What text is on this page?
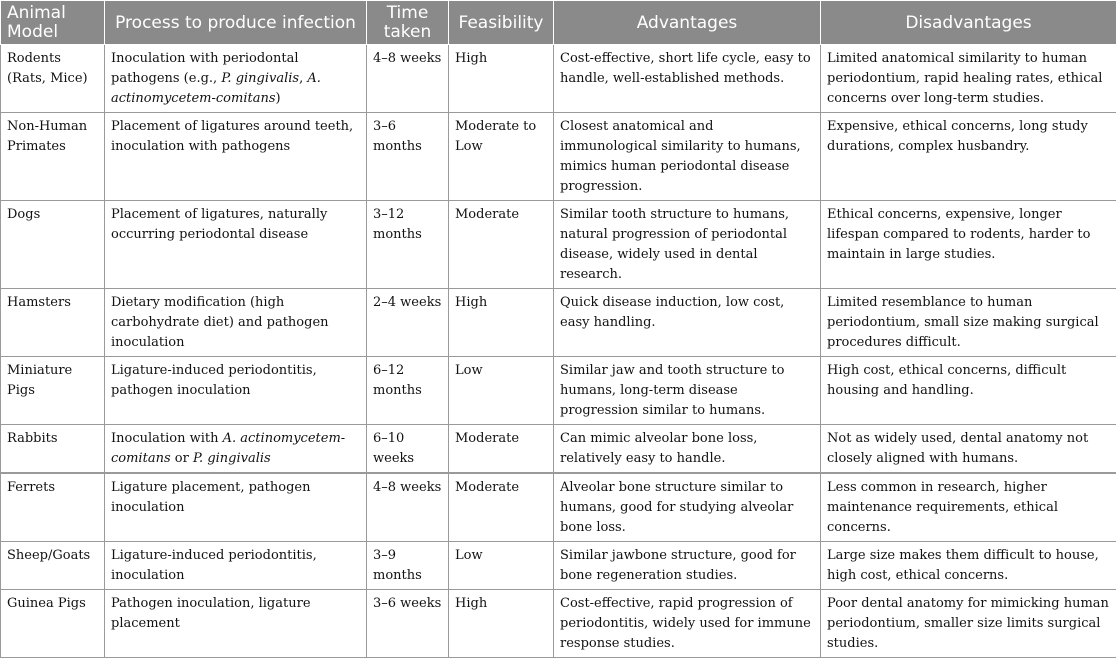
Animal Model	Process to produce infection	Time taken	Feasibility	Advantages	Disadvantages
Rodents (Rats, Mice)	Inoculation with periodontal pathogens (e.g., P. gingivalis, A. actinomycetem-comitans)	4–8 weeks	High	Cost-effective, short life cycle, easy to handle, well-established methods.	Limited anatomical similarity to human periodontium, rapid healing rates, ethical concerns over long-term studies.
Non-Human Primates	Placement of ligatures around teeth, inoculation with pathogens	3–6 months	Moderate to Low	Closest anatomical and immunological similarity to humans, mimics human periodontal disease progression.	Expensive, ethical concerns, long study durations, complex husbandry.
Dogs	Placement of ligatures, naturally occurring periodontal disease	3–12 months	Moderate	Similar tooth structure to humans, natural progression of periodontal disease, widely used in dental research.	Ethical concerns, expensive, longer lifespan compared to rodents, harder to maintain in large studies.
Hamsters	Dietary modification (high carbohydrate diet) and pathogen inoculation	2–4 weeks	High	Quick disease induction, low cost, easy handling.	Limited resemblance to human periodontium, small size making surgical procedures difficult.
Miniature Pigs	Ligature-induced periodontitis, pathogen inoculation	6–12 months	Low	Similar jaw and tooth structure to humans, long-term disease progression similar to humans.	High cost, ethical concerns, difficult housing and handling.
Rabbits	Inoculation with A. actinomycetem-comitans or P. gingivalis	6–10 weeks	Moderate	Can mimic alveolar bone loss, relatively easy to handle.	Not as widely used, dental anatomy not closely aligned with humans.
Ferrets	Ligature placement, pathogen inoculation	4–8 weeks	Moderate	Alveolar bone structure similar to humans, good for studying alveolar bone loss.	Less common in research, higher maintenance requirements, ethical concerns.
Sheep/Goats	Ligature-induced periodontitis, inoculation	3–9 months	Low	Similar jawbone structure, good for bone regeneration studies.	Large size makes them difficult to house, high cost, ethical concerns.
Guinea Pigs	Pathogen inoculation, ligature placement	3–6 weeks	High	Cost-effective, rapid progression of periodontitis, widely used for immune response studies.	Poor dental anatomy for mimicking human periodontium, smaller size limits surgical studies.
